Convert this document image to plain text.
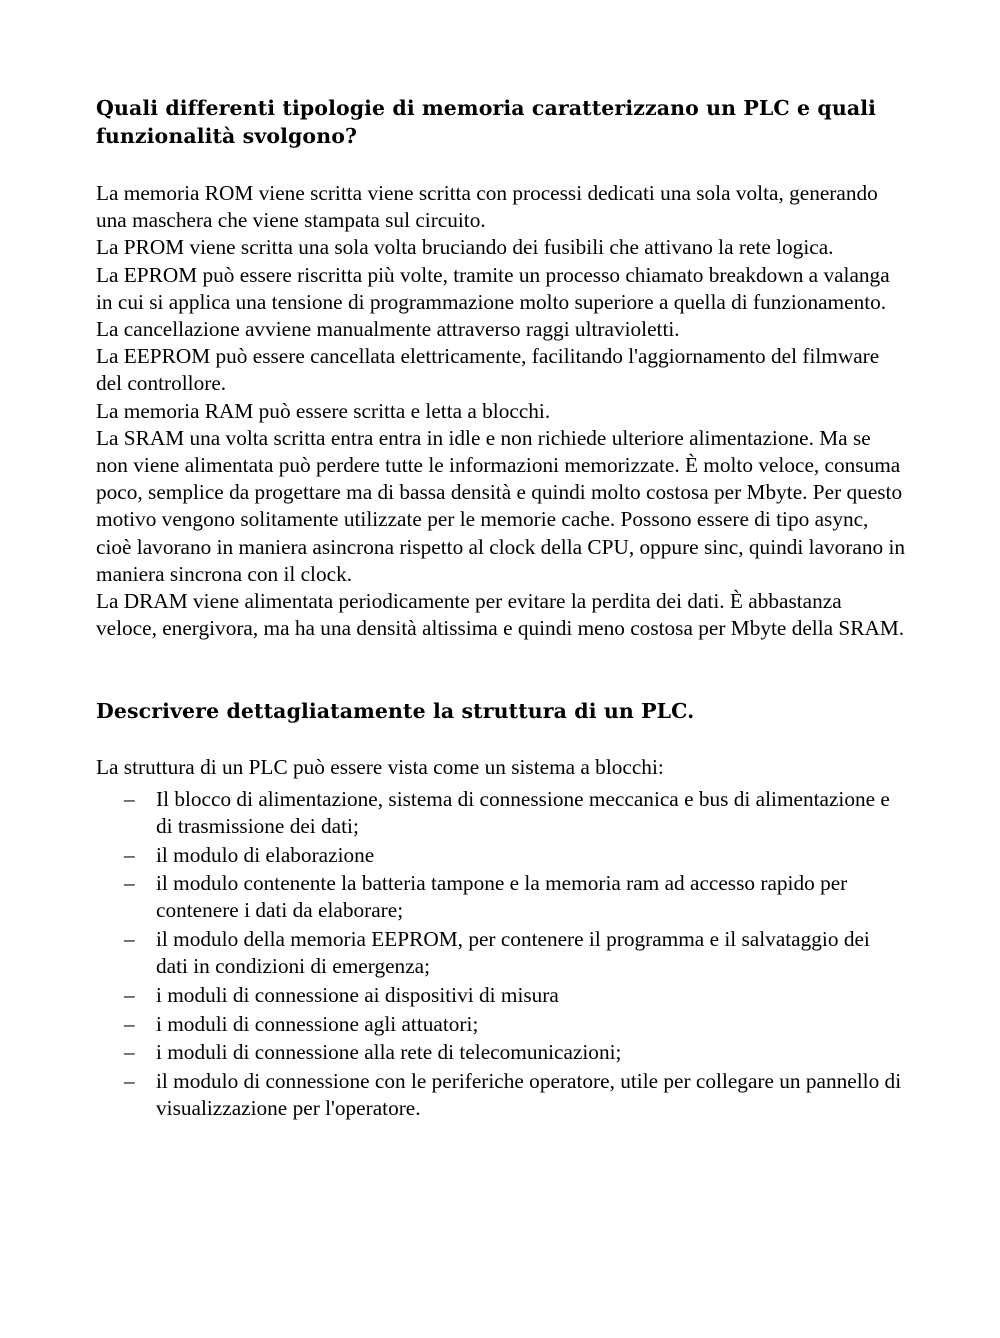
Quali differenti tipologie di memoria caratterizzano un PLC e quali funzionalità svolgono?

La memoria ROM viene scritta viene scritta con processi dedicati una sola volta, generando una maschera che viene stampata sul circuito.

La PROM viene scritta una sola volta bruciando dei fusibili che attivano la rete logica.

La EPROM può essere riscritta più volte, tramite un processo chiamato breakdown a valanga in cui si applica una tensione di programmazione molto superiore a quella di funzionamento. La cancellazione avviene manualmente attraverso raggi ultravioletti.

La EEPROM può essere cancellata elettricamente, facilitando l'aggiornamento del filmware del controllore.

La memoria RAM può essere scritta e letta a blocchi.

La SRAM una volta scritta entra entra in idle e non richiede ulteriore alimentazione. Ma se non viene alimentata può perdere tutte le informazioni memorizzate. È molto veloce, consuma poco, semplice da progettare ma di bassa densità e quindi molto costosa per Mbyte. Per questo motivo vengono solitamente utilizzate per le memorie cache. Possono essere di tipo async, cioè lavorano in maniera asincrona rispetto al clock della CPU, oppure sinc, quindi lavorano in maniera sincrona con il clock.

La DRAM viene alimentata periodicamente per evitare la perdita dei dati. È abbastanza veloce, energivora, ma ha una densità altissima e quindi meno costosa per Mbyte della SRAM.

Descrivere dettagliatamente la struttura di un PLC.

La struttura di un PLC può essere vista come un sistema a blocchi:

– Il blocco di alimentazione, sistema di connessione meccanica e bus di alimentazione e di trasmissione dei dati;
– il modulo di elaborazione
– il modulo contenente la batteria tampone e la memoria ram ad accesso rapido per contenere i dati da elaborare;
– il modulo della memoria EEPROM, per contenere il programma e il salvataggio dei dati in condizioni di emergenza;
– i moduli di connessione ai dispositivi di misura
– i moduli di connessione agli attuatori;
– i moduli di connessione alla rete di telecomunicazioni;
– il modulo di connessione con le periferiche operatore, utile per collegare un pannello di visualizzazione per l'operatore.
